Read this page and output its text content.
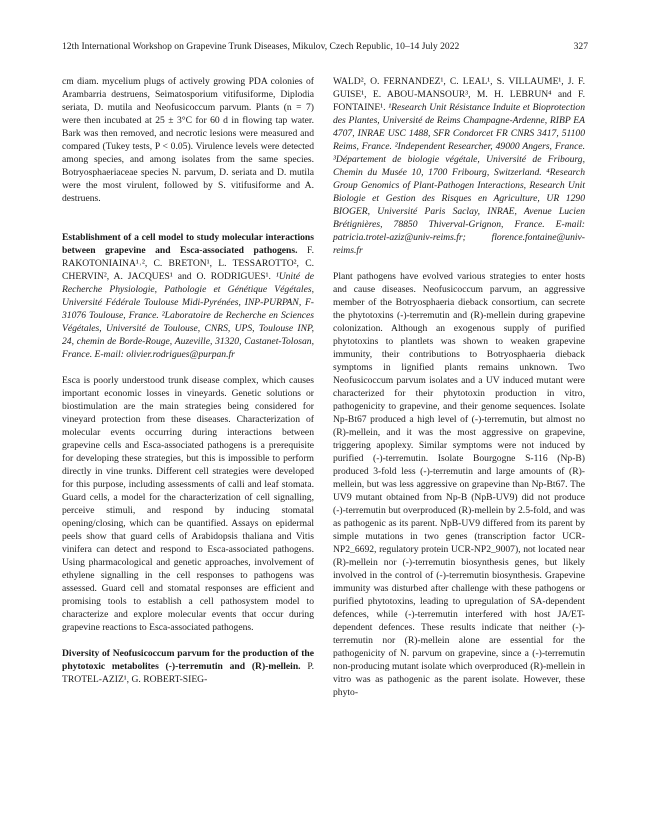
12th International Workshop on Grapevine Trunk Diseases, Mikulov, Czech Republic, 10–14 July 2022	327

cm diam. mycelium plugs of actively growing PDA colonies of Arambarria destruens, Seimatosporium vitifusiforme, Diplodia seriata, D. mutila and Neofusicoccum parvum. Plants (n = 7) were then incubated at 25 ± 3°C for 60 d in flowing tap water. Bark was then removed, and necrotic lesions were measured and compared (Tukey tests, P < 0.05). Virulence levels were detected among species, and among isolates from the same species. Botryosphaeriaceae species N. parvum, D. seriata and D. mutila were the most virulent, followed by S. vitifusiforme and A. destruens.

Establishment of a cell model to study molecular interactions between grapevine and Esca-associated pathogens. F. RAKOTONIAINA¹˒², C. BRETON¹, L. TESSAROTTO², C. CHERVIN², A. JACQUES¹ and O. RODRIGUES¹. ¹Unité de Recherche Physiologie, Pathologie et Génétique Végétales, Université Fédérale Toulouse Midi-Pyrénées, INP-PURPAN, F-31076 Toulouse, France. ²Laboratoire de Recherche en Sciences Végétales, Université de Toulouse, CNRS, UPS, Toulouse INP, 24, chemin de Borde-Rouge, Auzeville, 31320, Castanet-Tolosan, France. E-mail: olivier.rodrigues@purpan.fr

Esca is poorly understood trunk disease complex, which causes important economic losses in vineyards. Genetic solutions or biostimulation are the main strategies being considered for vineyard protection from these diseases. Characterization of molecular events occurring during interactions between grapevine cells and Esca-associated pathogens is a prerequisite for developing these strategies, but this is impossible to perform directly in vine trunks. Different cell strategies were developed for this purpose, including assessments of calli and leaf stomata. Guard cells, a model for the characterization of cell signalling, perceive stimuli, and respond by inducing stomatal opening/closing, which can be quantified. Assays on epidermal peels show that guard cells of Arabidopsis thaliana and Vitis vinifera can detect and respond to Esca-associated pathogens. Using pharmacological and genetic approaches, involvement of ethylene signalling in the cell responses to pathogens was assessed. Guard cell and stomatal responses are efficient and promising tools to establish a cell pathosystem model to characterize and explore molecular events that occur during grapevine reactions to Esca-associated pathogens.

Diversity of Neofusicoccum parvum for the production of the phytotoxic metabolites (-)-terremutin and (R)-mellein. P. TROTEL-AZIZ¹, G. ROBERT-SIEG-

WALD², O. FERNANDEZ¹, C. LEAL¹, S. VILLAUME¹, J. F. GUISE¹, E. ABOU-MANSOUR³, M. H. LEBRUN⁴ and F. FONTAINE¹. ¹Research Unit Résistance Induite et Bioprotection des Plantes, Université de Reims Champagne-Ardenne, RIBP EA 4707, INRAE USC 1488, SFR Condorcet FR CNRS 3417, 51100 Reims, France. ²Independent Researcher, 49000 Angers, France. ³Département de biologie végétale, Université de Fribourg, Chemin du Musée 10, 1700 Fribourg, Switzerland. ⁴Research Group Genomics of Plant-Pathogen Interactions, Research Unit Biologie et Gestion des Risques en Agriculture, UR 1290 BIOGER, Université Paris Saclay, INRAE, Avenue Lucien Brétignières, 78850 Thiverval-Grignon, France. E-mail: patricia.trotel-aziz@univ-reims.fr; florence.fontaine@univ-reims.fr

Plant pathogens have evolved various strategies to enter hosts and cause diseases. Neofusicoccum parvum, an aggressive member of the Botryosphaeria dieback consortium, can secrete the phytotoxins (-)-terremutin and (R)-mellein during grapevine colonization. Although an exogenous supply of purified phytotoxins to plantlets was shown to weaken grapevine immunity, their contributions to Botryosphaeria dieback symptoms in lignified plants remains unknown. Two Neofusicoccum parvum isolates and a UV induced mutant were characterized for their phytotoxin production in vitro, pathogenicity to grapevine, and their genome sequences. Isolate Np-Bt67 produced a high level of (-)-terremutin, but almost no (R)-mellein, and it was the most aggressive on grapevine, triggering apoplexy. Similar symptoms were not induced by purified (-)-terremutin. Isolate Bourgogne S-116 (Np-B) produced 3-fold less (-)-terremutin and large amounts of (R)-mellein, but was less aggressive on grapevine than Np-Bt67. The UV9 mutant obtained from Np-B (NpB-UV9) did not produce (-)-terremutin but overproduced (R)-mellein by 2.5-fold, and was as pathogenic as its parent. NpB-UV9 differed from its parent by simple mutations in two genes (transcription factor UCR-NP2_6692, regulatory protein UCR-NP2_9007), not located near (R)-mellein nor (-)-terremutin biosynthesis genes, but likely involved in the control of (-)-terremutin biosynthesis. Grapevine immunity was disturbed after challenge with these pathogens or purified phytotoxins, leading to upregulation of SA-dependent defences, while (-)-terremutin interfered with host JA/ET-dependent defences. These results indicate that neither (-)-terremutin nor (R)-mellein alone are essential for the pathogenicity of N. parvum on grapevine, since a (-)-terremutin non-producing mutant isolate which overproduced (R)-mellein in vitro was as pathogenic as the parent isolate. However, these phyto-
